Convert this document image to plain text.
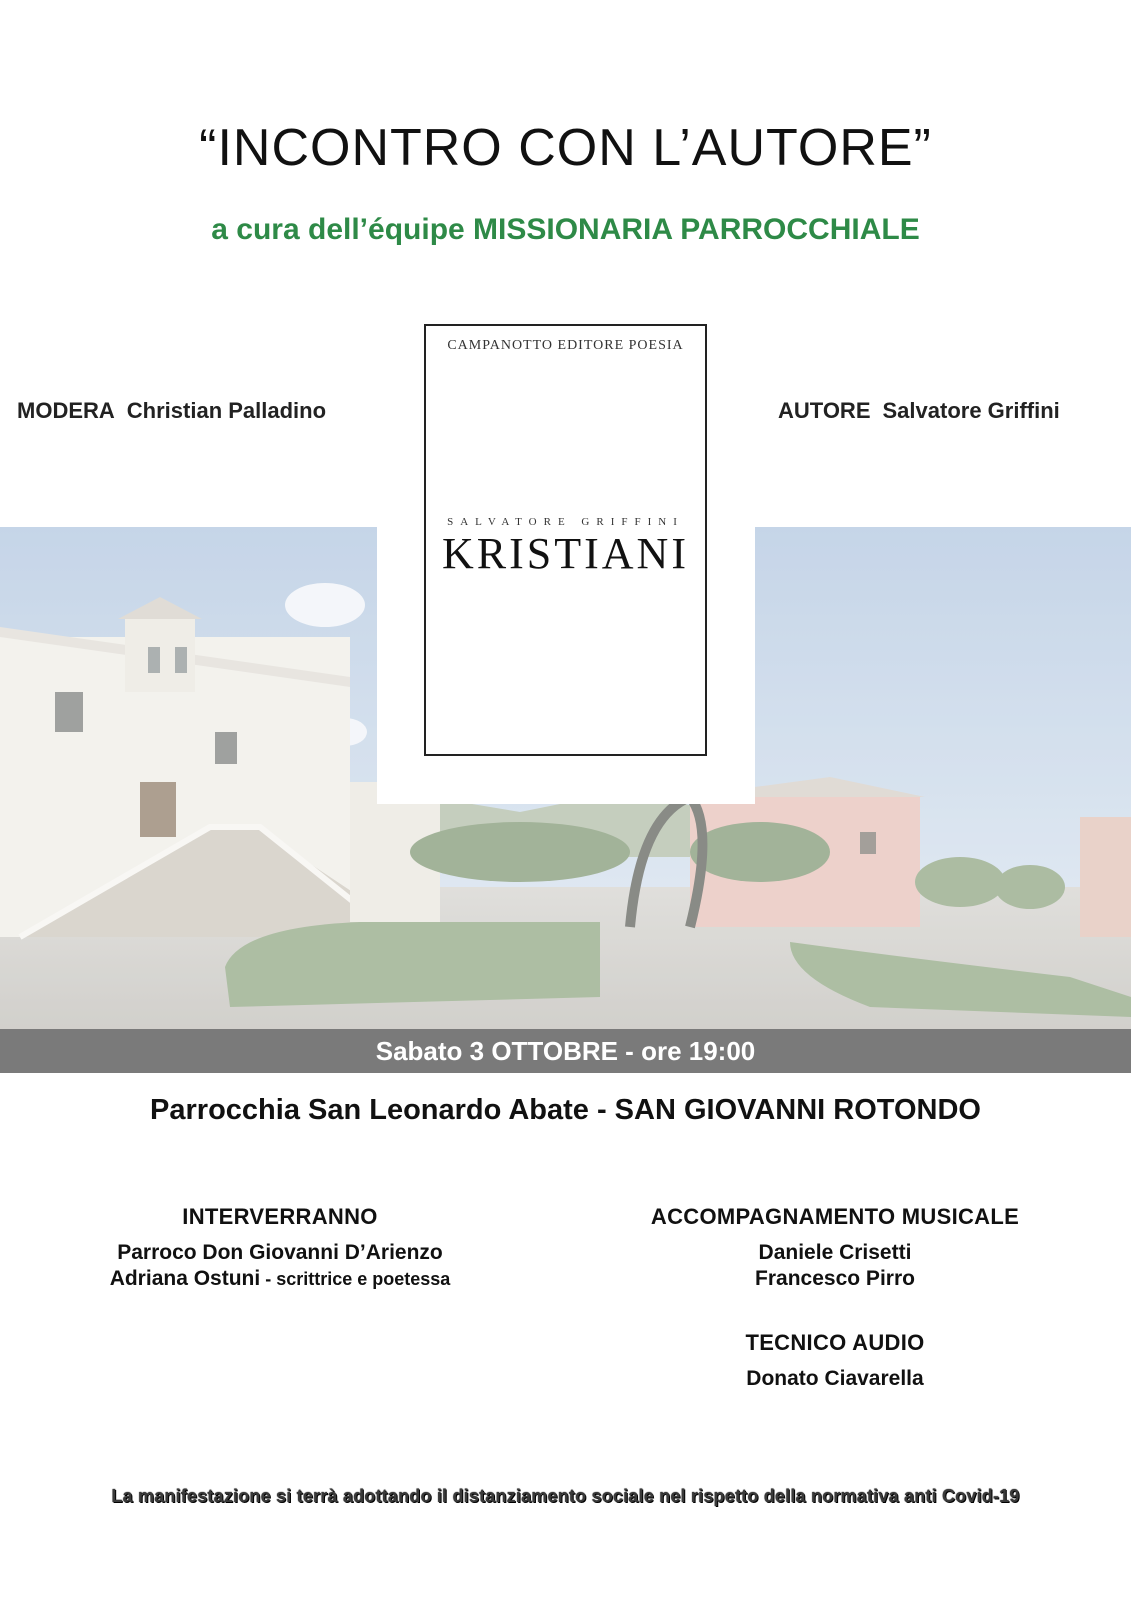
“INCONTRO CON L’AUTORE”
a cura dell’équipe MISSIONARIA PARROCCHIALE
MODERA Christian Palladino	AUTORE Salvatore Griffini
CAMPANOTTO EDITORE POESIA
SALVATORE GRIFFINI
KRISTIANI
Sabato 3 OTTOBRE - ore 19:00
Parrocchia San Leonardo Abate - SAN GIOVANNI ROTONDO
INTERVERRANNO
Parroco Don Giovanni D’Arienzo
Adriana Ostuni - scrittrice e poetessa
ACCOMPAGNAMENTO MUSICALE
Daniele Crisetti
Francesco Pirro
TECNICO AUDIO
Donato Ciavarella
La manifestazione si terrà adottando il distanziamento sociale nel rispetto della normativa anti Covid-19
